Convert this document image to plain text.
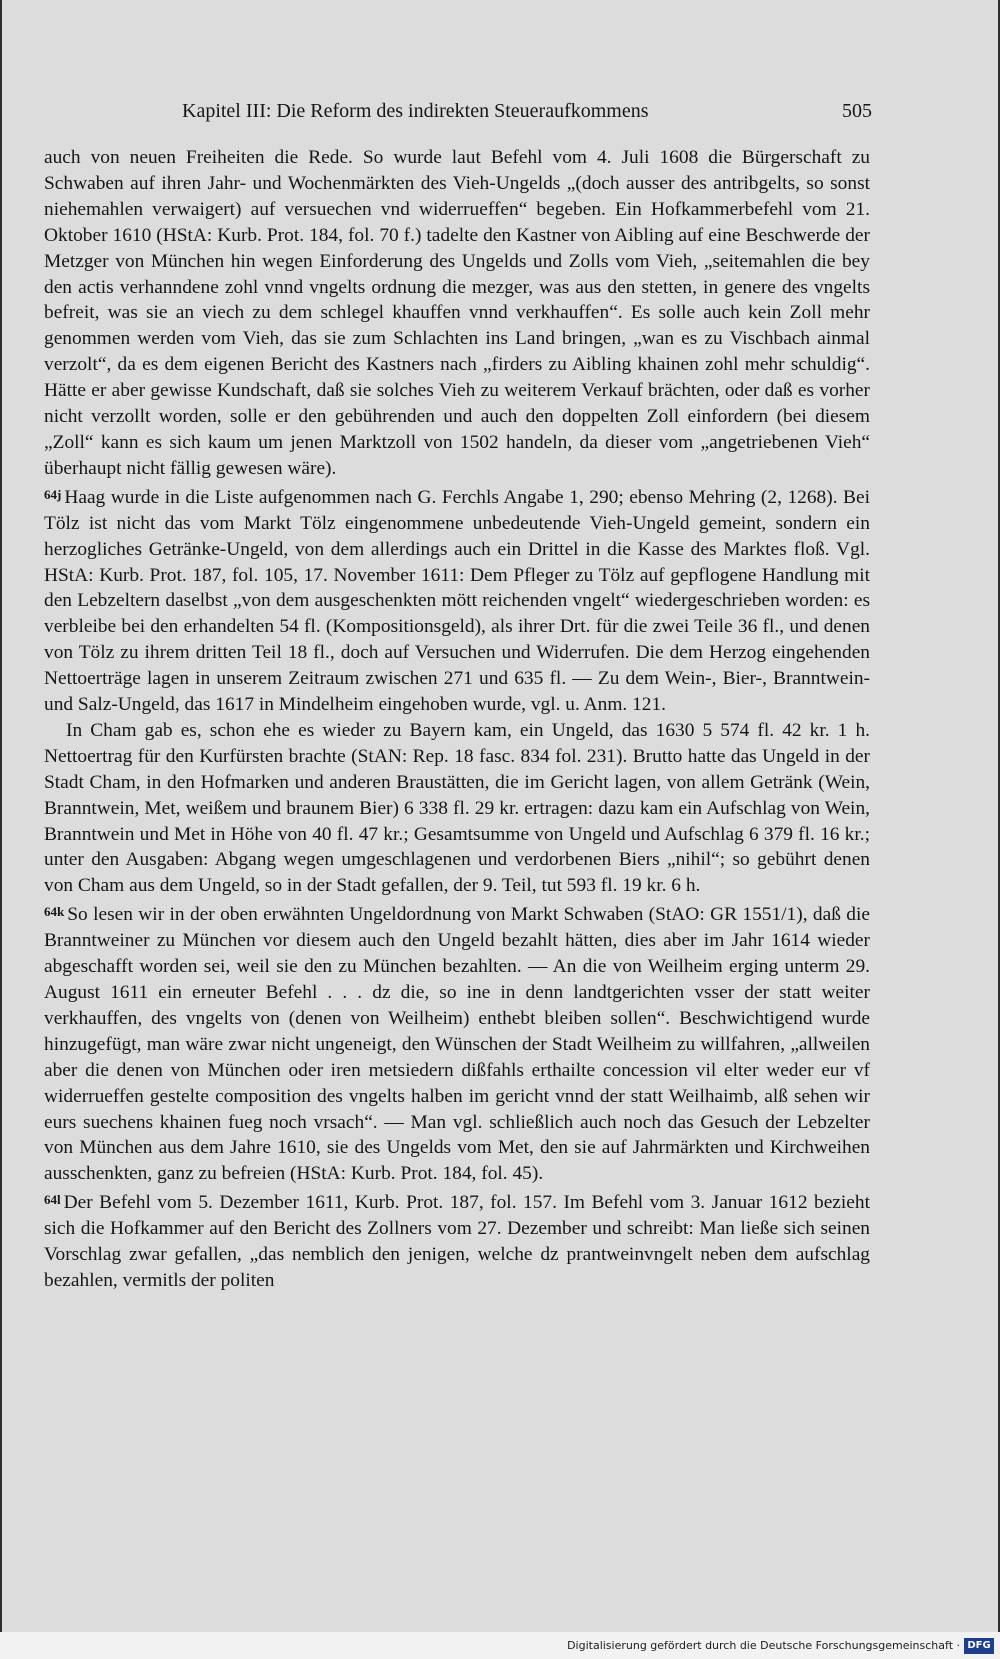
Kapitel III: Die Reform des indirekten Steueraufkommens	505

auch von neuen Freiheiten die Rede. So wurde laut Befehl vom 4. Juli 1608 die Bürgerschaft zu Schwaben auf ihren Jahr- und Wochenmärkten des Vieh-Ungelds „(doch ausser des antribgelts, so sonst niehemahlen verwaigert) auf versuechen vnd widerrueffen“ begeben. Ein Hofkammerbefehl vom 21. Oktober 1610 (HStA: Kurb. Prot. 184, fol. 70 f.) tadelte den Kastner von Aibling auf eine Beschwerde der Metzger von München hin wegen Einforderung des Ungelds und Zolls vom Vieh, „seitemahlen die bey den actis verhanndene zohl vnnd vngelts ordnung die mezger, was aus den stetten, in genere des vngelts befreit, was sie an viech zu dem schlegel khauffen vnnd verkhauffen“. Es solle auch kein Zoll mehr genommen werden vom Vieh, das sie zum Schlachten ins Land bringen, „wan es zu Vischbach ainmal verzolt“, da es dem eigenen Bericht des Kastners nach „firders zu Aibling khainen zohl mehr schuldig“. Hätte er aber gewisse Kundschaft, daß sie solches Vieh zu weiterem Verkauf brächten, oder daß es vorher nicht verzollt worden, solle er den gebührenden und auch den doppelten Zoll einfordern (bei diesem „Zoll“ kann es sich kaum um jenen Marktzoll von 1502 handeln, da dieser vom „angetriebenen Vieh“ überhaupt nicht fällig gewesen wäre).

64j Haag wurde in die Liste aufgenommen nach G. Ferchls Angabe 1, 290; ebenso Mehring (2, 1268). Bei Tölz ist nicht das vom Markt Tölz eingenommene unbedeutende Vieh-Ungeld gemeint, sondern ein herzogliches Getränke-Ungeld, von dem allerdings auch ein Drittel in die Kasse des Marktes floß. Vgl. HStA: Kurb. Prot. 187, fol. 105, 17. November 1611: Dem Pfleger zu Tölz auf gepflogene Handlung mit den Lebzeltern daselbst „von dem ausgeschenkten mött reichenden vngelt“ wiedergeschrieben worden: es verbleibe bei den erhandelten 54 fl. (Kompositionsgeld), als ihrer Drt. für die zwei Teile 36 fl., und denen von Tölz zu ihrem dritten Teil 18 fl., doch auf Versuchen und Widerrufen. Die dem Herzog eingehenden Nettoerträge lagen in unserem Zeitraum zwischen 271 und 635 fl. — Zu dem Wein-, Bier-, Branntwein- und Salz-Ungeld, das 1617 in Mindelheim eingehoben wurde, vgl. u. Anm. 121.

In Cham gab es, schon ehe es wieder zu Bayern kam, ein Ungeld, das 1630 5 574 fl. 42 kr. 1 h. Nettoertrag für den Kurfürsten brachte (StAN: Rep. 18 fasc. 834 fol. 231). Brutto hatte das Ungeld in der Stadt Cham, in den Hofmarken und anderen Braustätten, die im Gericht lagen, von allem Getränk (Wein, Branntwein, Met, weißem und braunem Bier) 6 338 fl. 29 kr. ertragen: dazu kam ein Aufschlag von Wein, Branntwein und Met in Höhe von 40 fl. 47 kr.; Gesamtsumme von Ungeld und Aufschlag 6 379 fl. 16 kr.; unter den Ausgaben: Abgang wegen umgeschlagenen und verdorbenen Biers „nihil“; so gebührt denen von Cham aus dem Ungeld, so in der Stadt gefallen, der 9. Teil, tut 593 fl. 19 kr. 6 h.

64k So lesen wir in der oben erwähnten Ungeldordnung von Markt Schwaben (StAO: GR 1551/1), daß die Branntweiner zu München vor diesem auch den Ungeld bezahlt hätten, dies aber im Jahr 1614 wieder abgeschafft worden sei, weil sie den zu München bezahlten. — An die von Weilheim erging unterm 29. August 1611 ein erneuter Befehl . . . dz die, so ine in denn landtgerichten vsser der statt weiter verkhauffen, des vngelts von (denen von Weilheim) enthebt bleiben sollen“. Beschwichtigend wurde hinzugefügt, man wäre zwar nicht ungeneigt, den Wünschen der Stadt Weilheim zu willfahren, „allweilen aber die denen von München oder iren metsiedern dißfahls erthailte concession vil elter weder eur vf widerrueffen gestelte composition des vngelts halben im gericht vnnd der statt Weilhaimb, alß sehen wir eurs suechens khainen fueg noch vrsach“. — Man vgl. schließlich auch noch das Gesuch der Lebzelter von München aus dem Jahre 1610, sie des Ungelds vom Met, den sie auf Jahrmärkten und Kirchweihen ausschenkten, ganz zu befreien (HStA: Kurb. Prot. 184, fol. 45).

64l Der Befehl vom 5. Dezember 1611, Kurb. Prot. 187, fol. 157. Im Befehl vom 3. Januar 1612 bezieht sich die Hofkammer auf den Bericht des Zollners vom 27. Dezember und schreibt: Man ließe sich seinen Vorschlag zwar gefallen, „das nemblich den jenigen, welche dz prantweinvngelt neben dem aufschlag bezahlen, vermitls der politen

Digitalisierung gefördert durch die Deutsche Forschungsgemeinschaft · DFG
